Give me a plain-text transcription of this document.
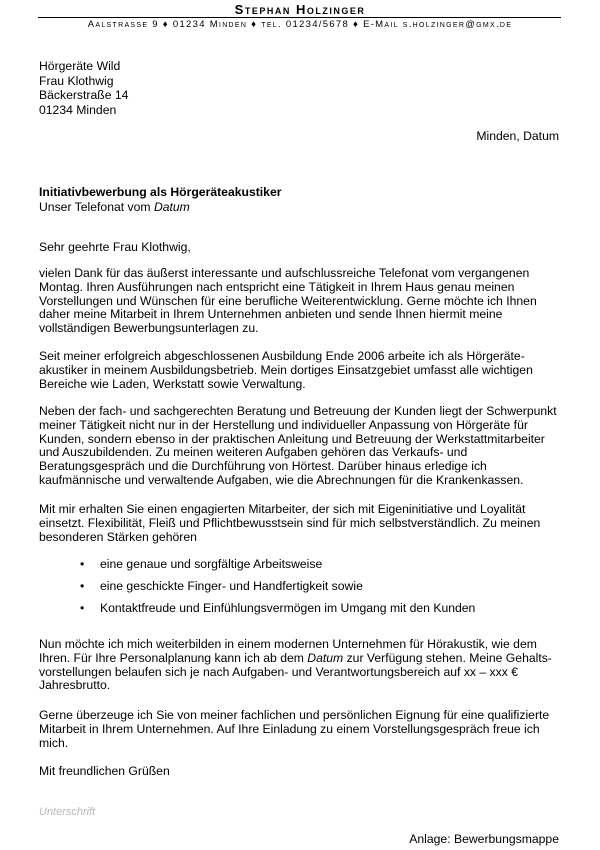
Stephan Holzinger
Aalstrasse 9 ♦ 01234 Minden ♦ tel. 01234/5678 ♦ E-Mail s.holzinger@gmx.de
Hörgeräte Wild
Frau Klothwig
Bäckerstraße 14
01234 Minden
Minden, Datum
Initiativbewerbung als Hörgeräteakustiker
Unser Telefonat vom Datum
Sehr geehrte Frau Klothwig,
vielen Dank für das äußerst interessante und aufschlussreiche Telefonat vom vergangenen
Montag. Ihren Ausführungen nach entspricht eine Tätigkeit in Ihrem Haus genau meinen
Vorstellungen und Wünschen für eine berufliche Weiterentwicklung. Gerne möchte ich Ihnen
daher meine Mitarbeit in Ihrem Unternehmen anbieten und sende Ihnen hiermit meine
vollständigen Bewerbungsunterlagen zu.
Seit meiner erfolgreich abgeschlossenen Ausbildung Ende 2006 arbeite ich als Hörgeräte-
akustiker in meinem Ausbildungsbetrieb. Mein dortiges Einsatzgebiet umfasst alle wichtigen
Bereiche wie Laden, Werkstatt sowie Verwaltung.
Neben der fach- und sachgerechten Beratung und Betreuung der Kunden liegt der Schwerpunkt
meiner Tätigkeit nicht nur in der Herstellung und individueller Anpassung von Hörgeräte für
Kunden, sondern ebenso in der praktischen Anleitung und Betreuung der Werkstattmitarbeiter
und Auszubildenden. Zu meinen weiteren Aufgaben gehören das Verkaufs- und
Beratungsgespräch und die Durchführung von Hörtest. Darüber hinaus erledige ich
kaufmännische und verwaltende Aufgaben, wie die Abrechnungen für die Krankenkassen.
Mit mir erhalten Sie einen engagierten Mitarbeiter, der sich mit Eigeninitiative und Loyalität
einsetzt. Flexibilität, Fleiß und Pflichtbewusstsein sind für mich selbstverständlich. Zu meinen
besonderen Stärken gehören
• eine genaue und sorgfältige Arbeitsweise
• eine geschickte Finger- und Handfertigkeit sowie
• Kontaktfreude und Einfühlungsvermögen im Umgang mit den Kunden
Nun möchte ich mich weiterbilden in einem modernen Unternehmen für Hörakustik, wie dem
Ihren. Für Ihre Personalplanung kann ich ab dem Datum zur Verfügung stehen. Meine Gehalts-
vorstellungen belaufen sich je nach Aufgaben- und Verantwortungsbereich auf xx – xxx €
Jahresbrutto.
Gerne überzeuge ich Sie von meiner fachlichen und persönlichen Eignung für eine qualifizierte
Mitarbeit in Ihrem Unternehmen. Auf Ihre Einladung zu einem Vorstellungsgespräch freue ich
mich.
Mit freundlichen Grüßen
Unterschrift
Anlage: Bewerbungsmappe
